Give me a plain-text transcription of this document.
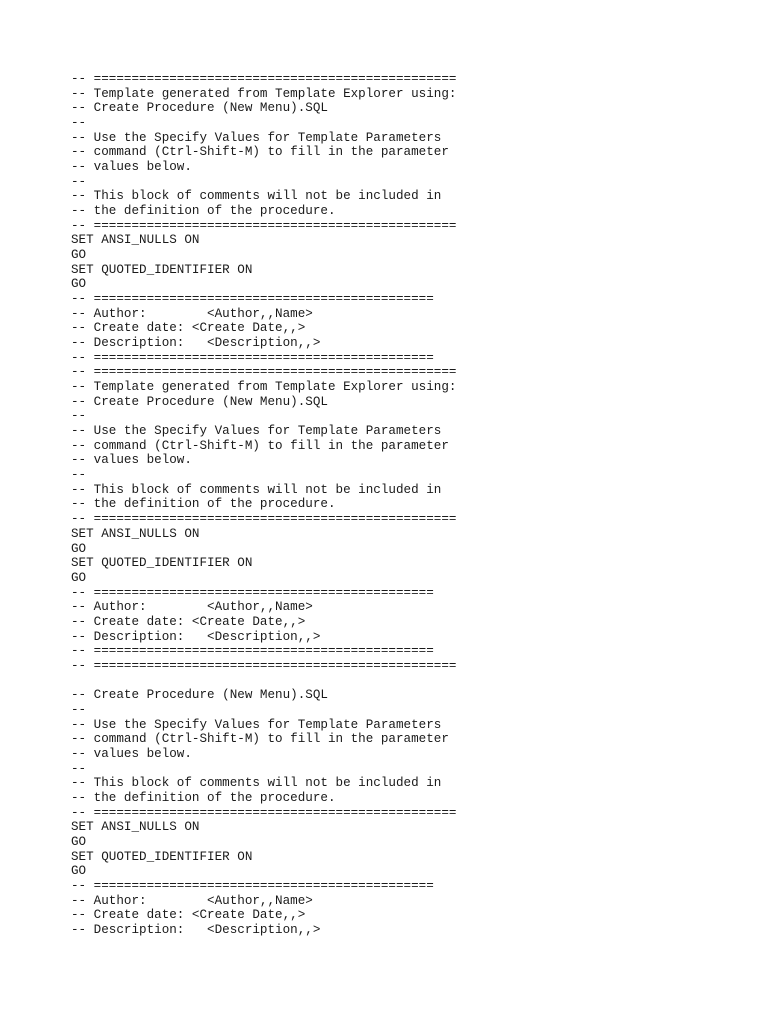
-- ================================================
-- Template generated from Template Explorer using:
-- Create Procedure (New Menu).SQL
--
-- Use the Specify Values for Template Parameters
-- command (Ctrl-Shift-M) to fill in the parameter
-- values below.
--
-- This block of comments will not be included in
-- the definition of the procedure.
-- ================================================
SET ANSI_NULLS ON
GO
SET QUOTED_IDENTIFIER ON
GO
-- =============================================
-- Author:        <Author,,Name>
-- Create date: <Create Date,,>
-- Description:   <Description,,>
-- =============================================
-- ================================================
-- Template generated from Template Explorer using:
-- Create Procedure (New Menu).SQL
--
-- Use the Specify Values for Template Parameters
-- command (Ctrl-Shift-M) to fill in the parameter
-- values below.
--
-- This block of comments will not be included in
-- the definition of the procedure.
-- ================================================
SET ANSI_NULLS ON
GO
SET QUOTED_IDENTIFIER ON
GO
-- =============================================
-- Author:        <Author,,Name>
-- Create date: <Create Date,,>
-- Description:   <Description,,>
-- =============================================
-- ================================================
-- Create Procedure (New Menu).SQL
--
-- Use the Specify Values for Template Parameters
-- command (Ctrl-Shift-M) to fill in the parameter
-- values below.
--
-- This block of comments will not be included in
-- the definition of the procedure.
-- ================================================
SET ANSI_NULLS ON
GO
SET QUOTED_IDENTIFIER ON
GO
-- =============================================
-- Author:        <Author,,Name>
-- Create date: <Create Date,,>
-- Description:   <Description,,>
